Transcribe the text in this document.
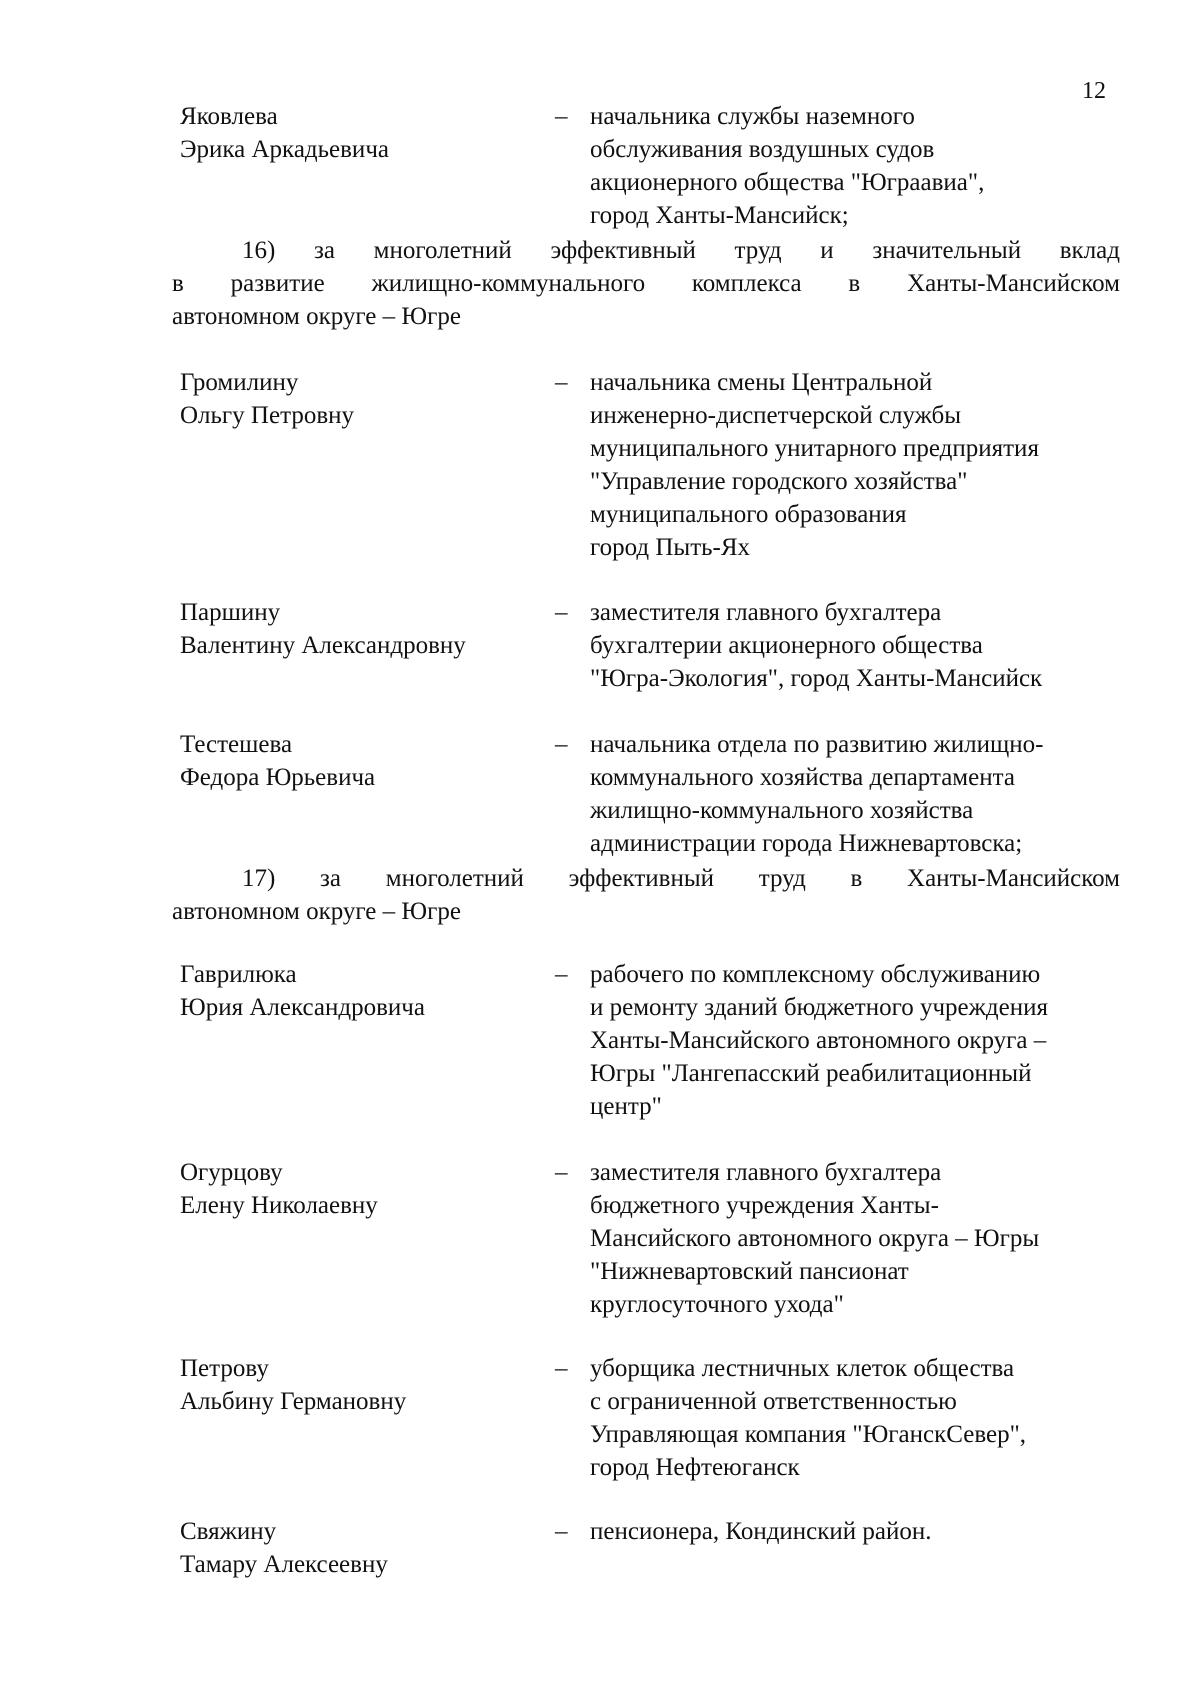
12
Яковлева
Эрика Аркадьевича
– начальника службы наземного
обслуживания воздушных судов
акционерного общества "Юграавиа",
город Ханты-Мансийск;
16) за многолетний эффективный труд и значительный вклад
в развитие жилищно-коммунального комплекса в Ханты-Мансийском
автономном округе – Югре
Громилину
Ольгу Петровну
– начальника смены Центральной
инженерно-диспетчерской службы
муниципального унитарного предприятия
"Управление городского хозяйства"
муниципального образования
город Пыть-Ях
Паршину
Валентину Александровну
– заместителя главного бухгалтера
бухгалтерии акционерного общества
"Югра-Экология", город Ханты-Мансийск
Тестешева
Федора Юрьевича
– начальника отдела по развитию жилищно-
коммунального хозяйства департамента
жилищно-коммунального хозяйства
администрации города Нижневартовска;
17) за многолетний эффективный труд в Ханты-Мансийском
автономном округе – Югре
Гаврилюка
Юрия Александровича
– рабочего по комплексному обслуживанию
и ремонту зданий бюджетного учреждения
Ханты-Мансийского автономного округа –
Югры "Лангепасский реабилитационный
центр"
Огурцову
Елену Николаевну
– заместителя главного бухгалтера
бюджетного учреждения Ханты-
Мансийского автономного округа – Югры
"Нижневартовский пансионат
круглосуточного ухода"
Петрову
Альбину Германовну
– уборщика лестничных клеток общества
с ограниченной ответственностью
Управляющая компания "ЮганскСевер",
город Нефтеюганск
Свяжину
Тамару Алексеевну
– пенсионера, Кондинский район.
